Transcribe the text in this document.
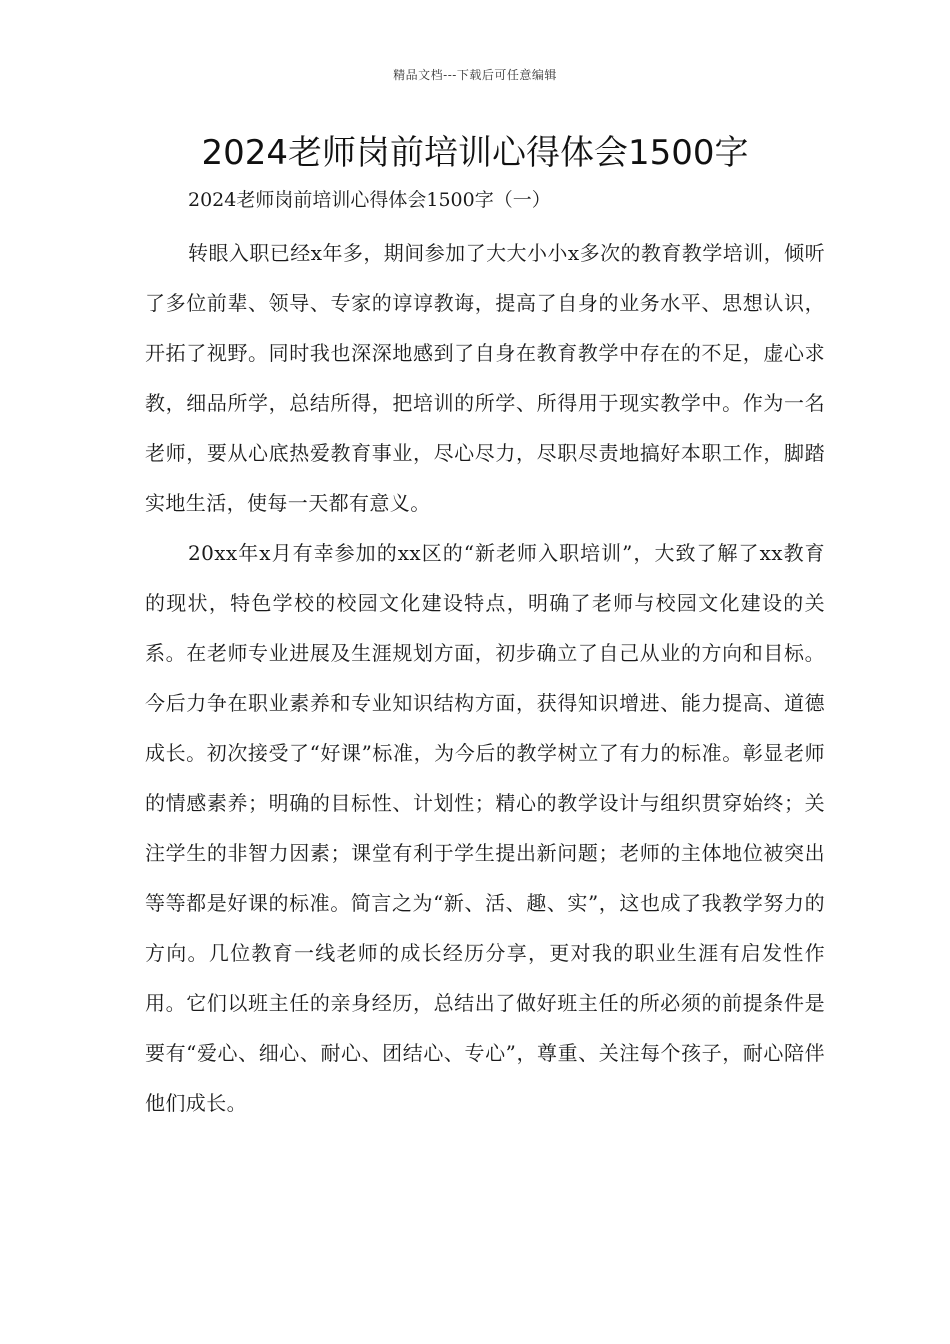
精品文档---下载后可任意编辑
2024老师岗前培训心得体会1500字
2024老师岗前培训心得体会1500字（一）

转眼入职已经x年多，期间参加了大大小小x多次的教育教学培训，倾听了多位前辈、领导、专家的谆谆教诲，提高了自身的业务水平、思想认识，开拓了视野。同时我也深深地感到了自身在教育教学中存在的不足，虚心求教，细品所学，总结所得，把培训的所学、所得用于现实教学中。作为一名老师，要从心底热爱教育事业，尽心尽力，尽职尽责地搞好本职工作，脚踏实地生活，使每一天都有意义。

20xx年x月有幸参加的xx区的“新老师入职培训”，大致了解了xx教育的现状，特色学校的校园文化建设特点，明确了老师与校园文化建设的关系。在老师专业进展及生涯规划方面，初步确立了自己从业的方向和目标。今后力争在职业素养和专业知识结构方面，获得知识增进、能力提高、道德成长。初次接受了“好课”标准，为今后的教学树立了有力的标准。彰显老师的情感素养；明确的目标性、计划性；精心的教学设计与组织贯穿始终；关注学生的非智力因素；课堂有利于学生提出新问题；老师的主体地位被突出等等都是好课的标准。简言之为“新、活、趣、实”，这也成了我教学努力的方向。几位教育一线老师的成长经历分享，更对我的职业生涯有启发性作用。它们以班主任的亲身经历，总结出了做好班主任的所必须的前提条件是要有“爱心、细心、耐心、团结心、专心”，尊重、关注每个孩子，耐心陪伴他们成长。
